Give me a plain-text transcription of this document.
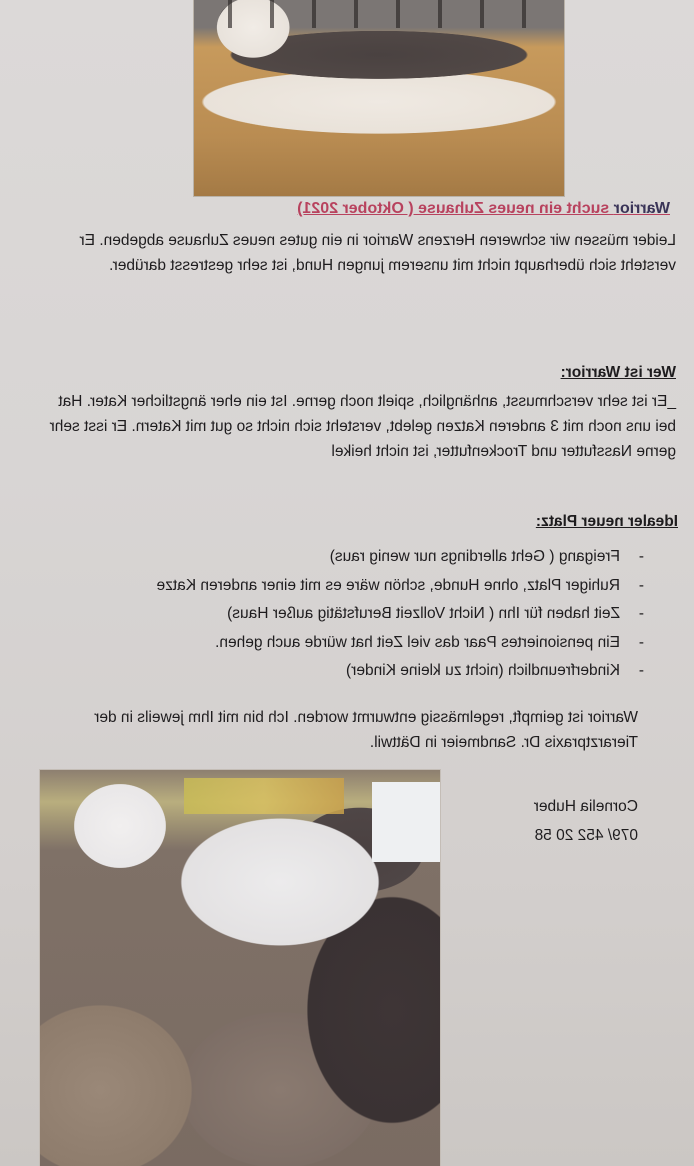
Warrior sucht ein neues Zuhause ( Oktober 2021)
Leider müssen wir schweren Herzens Warrior in ein gutes neues Zuhause abgeben. Er versteht sich überhaupt nicht mit unserem jungen Hund, ist sehr gestresst darüber.
Wer ist Warrior:
_Er ist sehr verschmusst, anhänglich, spielt noch gerne. Ist ein eher ängstlicher Kater. Hat bei uns noch mit 3 anderen Katzen gelebt, versteht sich nicht so gut mit Katern. Er isst sehr gerne Nassfutter und Trockenfutter, ist nicht heikel
Idealer neuer Platz:
- Freigang ( Geht allerdings nur wenig raus)
- Ruhiger Platz, ohne Hunde, schön wäre es mit einer anderen Katze
- Zeit haben für Ihn ( Nicht Vollzeit Berufstätig außer Haus)
- Ein pensioniertes Paar das viel Zeit hat würde auch gehen.
- Kinderfreundlich (nicht zu kleine Kinder)
Warrior ist geimpft, regelmässig entwurmt worden. Ich bin mit Ihm jeweils in der Tierarztpraxis Dr. Sandmeier in Dättwil.
Cornelia Huber
079/ 452 20 58
